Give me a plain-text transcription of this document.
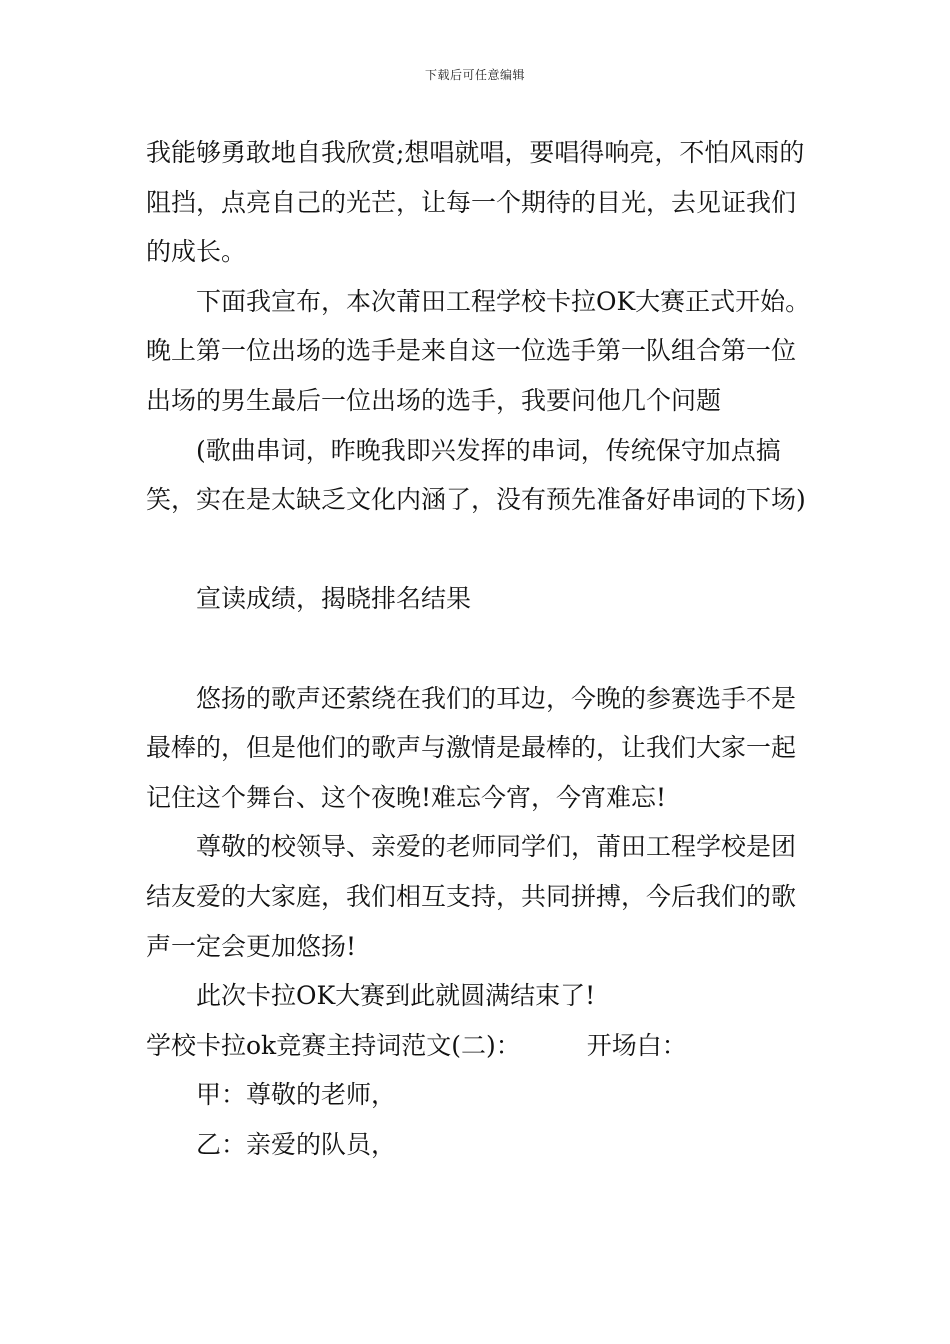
下载后可任意编辑

我能够勇敢地自我欣赏;想唱就唱，要唱得响亮，不怕风雨的阻挡，点亮自己的光芒，让每一个期待的目光，去见证我们的成长。

下面我宣布，本次莆田工程学校卡拉OK大赛正式开始。

晚上第一位出场的选手是来自这一位选手第一队组合第一位出场的男生最后一位出场的选手，我要问他几个问题

(歌曲串词，昨晚我即兴发挥的串词，传统保守加点搞笑，实在是太缺乏文化内涵了，没有预先准备好串词的下场)

宣读成绩，揭晓排名结果

悠扬的歌声还萦绕在我们的耳边，今晚的参赛选手不是最棒的，但是他们的歌声与激情是最棒的，让我们大家一起记住这个舞台、这个夜晚!难忘今宵，今宵难忘!

尊敬的校领导、亲爱的老师同学们，莆田工程学校是团结友爱的大家庭，我们相互支持，共同拼搏，今后我们的歌声一定会更加悠扬!

此次卡拉OK大赛到此就圆满结束了!

学校卡拉ok竞赛主持词范文(二)：	开场白：

甲：尊敬的老师，

乙：亲爱的队员，
